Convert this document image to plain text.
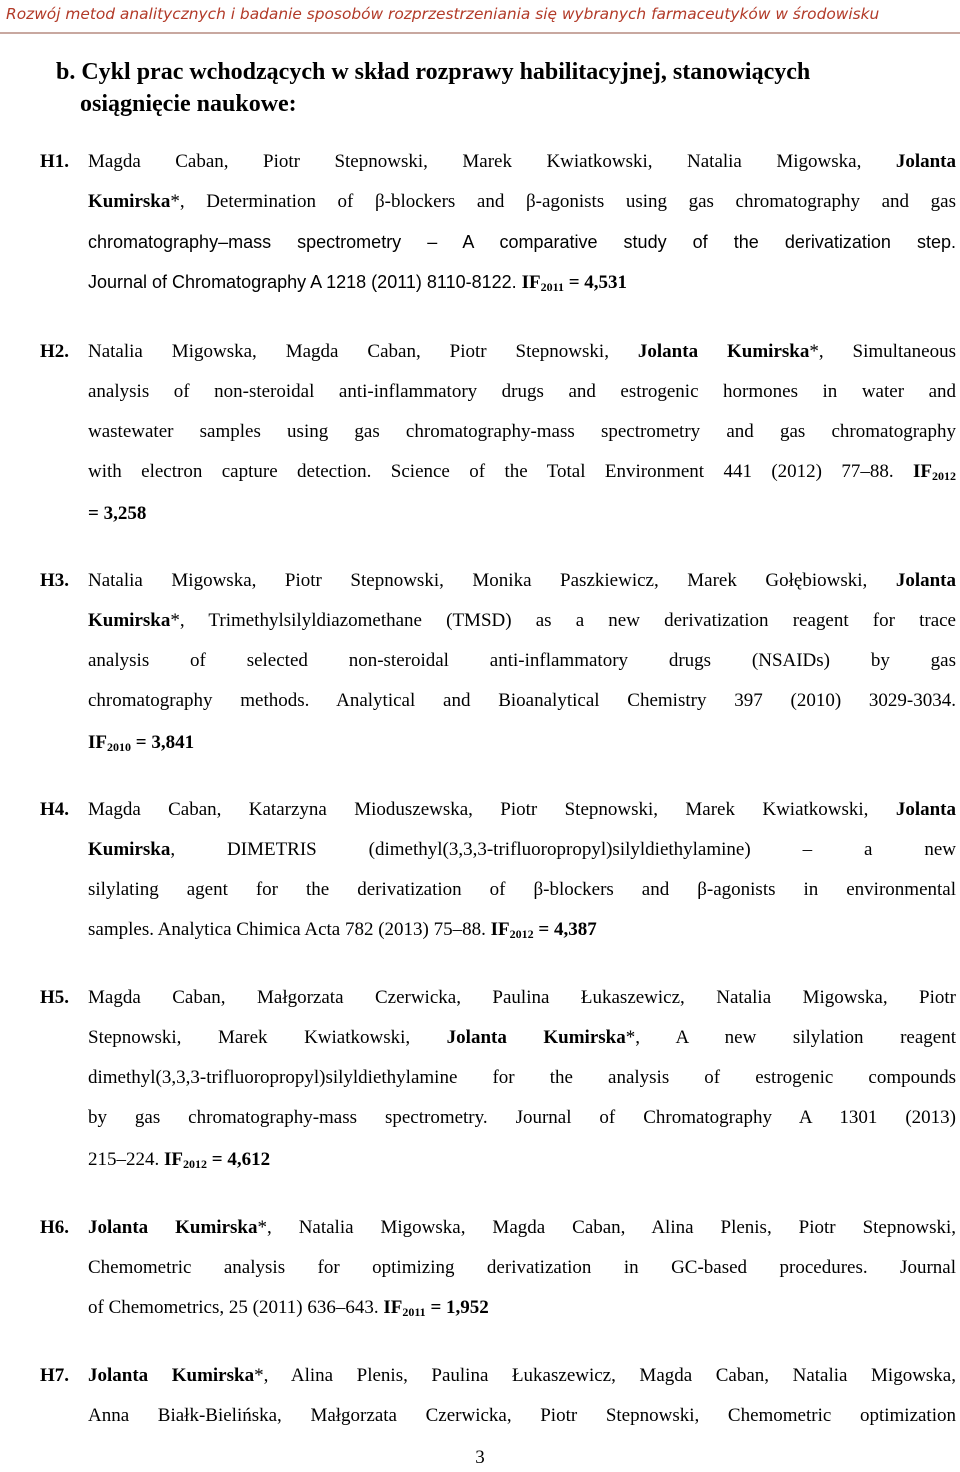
Rozwój metod analitycznych i badanie sposobów rozprzestrzeniania się wybranych farmaceutyków w środowisku
b. Cykl prac wchodzących w skład rozprawy habilitacyjnej, stanowiących
osiągnięcie naukowe:
H1. Magda Caban, Piotr Stepnowski, Marek Kwiatkowski, Natalia Migowska, Jolanta
Kumirska*, Determination of β-blockers and β-agonists using gas chromatography and gas
chromatography–mass spectrometry – A comparative study of the derivatization step.
Journal of Chromatography A 1218 (2011) 8110-8122. $IF_{2011} = 4,531$
H2. Natalia Migowska, Magda Caban, Piotr Stepnowski, Jolanta Kumirska*, Simultaneous
analysis of non-steroidal anti-inflammatory drugs and estrogenic hormones in water and
wastewater samples using gas chromatography-mass spectrometry and gas chromatography
with electron capture detection. Science of the Total Environment 441 (2012) 77–88. $IF_{2012}$
= 3,258
H3. Natalia Migowska, Piotr Stepnowski, Monika Paszkiewicz, Marek Gołębiowski, Jolanta
Kumirska*, Trimethylsilyldiazomethane (TMSD) as a new derivatization reagent for trace
analysis of selected non-steroidal anti-inflammatory drugs (NSAIDs) by gas
chromatography methods. Analytical and Bioanalytical Chemistry 397 (2010) 3029-3034.
$IF_{2010} = 3,841$
H4. Magda Caban, Katarzyna Mioduszewska, Piotr Stepnowski, Marek Kwiatkowski, Jolanta
Kumirska, DIMETRIS (dimethyl(3,3,3-trifluoropropyl)silyldiethylamine) – a new
silylating agent for the derivatization of β-blockers and β-agonists in environmental
samples. Analytica Chimica Acta 782 (2013) 75–88. $IF_{2012} = 4,387$
H5. Magda Caban, Małgorzata Czerwicka, Paulina Łukaszewicz, Natalia Migowska, Piotr
Stepnowski, Marek Kwiatkowski, Jolanta Kumirska*, A new silylation reagent
dimethyl(3,3,3-trifluoropropyl)silyldiethylamine for the analysis of estrogenic compounds
by gas chromatography-mass spectrometry. Journal of Chromatography A 1301 (2013)
215–224. $IF_{2012} = 4,612$
H6. Jolanta Kumirska*, Natalia Migowska, Magda Caban, Alina Plenis, Piotr Stepnowski,
Chemometric analysis for optimizing derivatization in GC-based procedures. Journal
of Chemometrics, 25 (2011) 636–643. $IF_{2011} = 1,952$
H7. Jolanta Kumirska*, Alina Plenis, Paulina Łukaszewicz, Magda Caban, Natalia Migowska,
Anna Białk-Bielińska, Małgorzata Czerwicka, Piotr Stepnowski, Chemometric optimization
3
